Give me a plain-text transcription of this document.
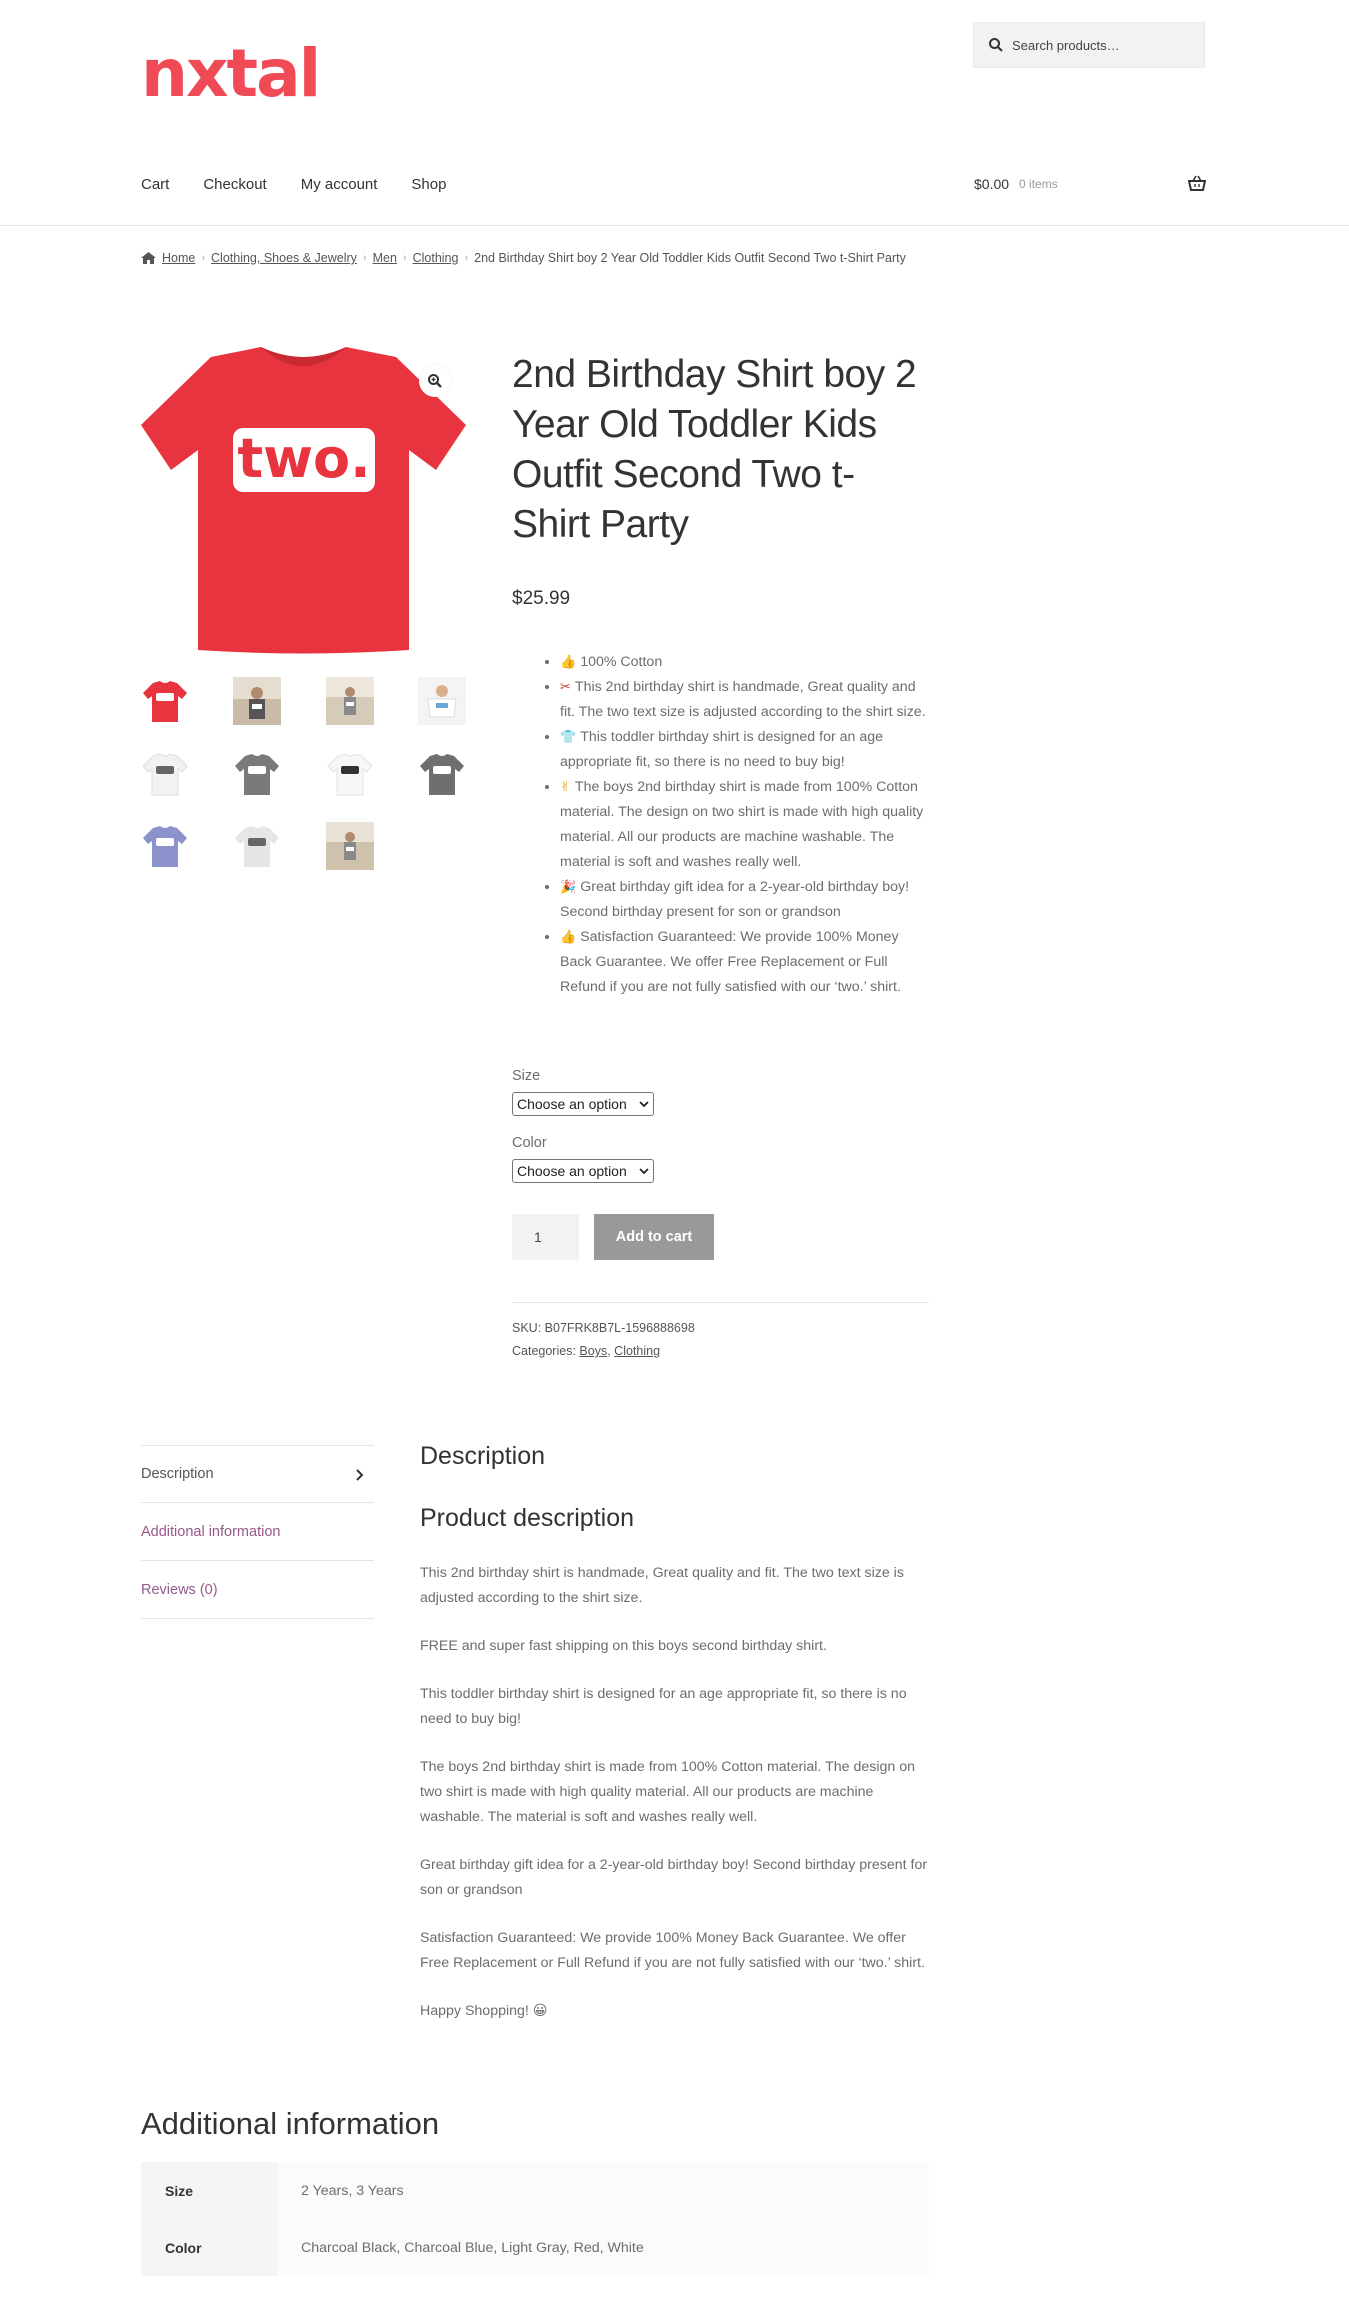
nxtal
Search products…
Cart Checkout My account Shop	$0.00 0 items
Home › Clothing, Shoes & Jewelry › Men › Clothing › 2nd Birthday Shirt boy 2 Year Old Toddler Kids Outfit Second Two t-Shirt Party
two.
2nd Birthday Shirt boy 2 Year Old Toddler Kids Outfit Second Two t-Shirt Party
$25.99
• 👍 100% Cotton
• ✂ This 2nd birthday shirt is handmade, Great quality and fit. The two text size is adjusted according to the shirt size.
• 👕 This toddler birthday shirt is designed for an age appropriate fit, so there is no need to buy big!
• ✌ The boys 2nd birthday shirt is made from 100% Cotton material. The design on two shirt is made with high quality material. All our products are machine washable. The material is soft and washes really well.
• 🎉 Great birthday gift idea for a 2-year-old birthday boy! Second birthday present for son or grandson
• 👍 Satisfaction Guaranteed: We provide 100% Money Back Guarantee. We offer Free Replacement or Full Refund if you are not fully satisfied with our ‘two.’ shirt.
Size
Choose an option
Color
Choose an option
1	Add to cart
SKU: B07FRK8B7L-1596888698
Categories: Boys, Clothing
Description
Additional information
Reviews (0)
Description
Product description

This 2nd birthday shirt is handmade, Great quality and fit. The two text size is adjusted according to the shirt size.

FREE and super fast shipping on this boys second birthday shirt.

This toddler birthday shirt is designed for an age appropriate fit, so there is no need to buy big!

The boys 2nd birthday shirt is made from 100% Cotton material. The design on two shirt is made with high quality material. All our products are machine washable. The material is soft and washes really well.

Great birthday gift idea for a 2-year-old birthday boy! Second birthday present for son or grandson

Satisfaction Guaranteed: We provide 100% Money Back Guarantee. We offer Free Replacement or Full Refund if you are not fully satisfied with our ‘two.’ shirt.

Happy Shopping! 😀

Additional information
Size	2 Years, 3 Years
Color	Charcoal Black, Charcoal Blue, Light Gray, Red, White
